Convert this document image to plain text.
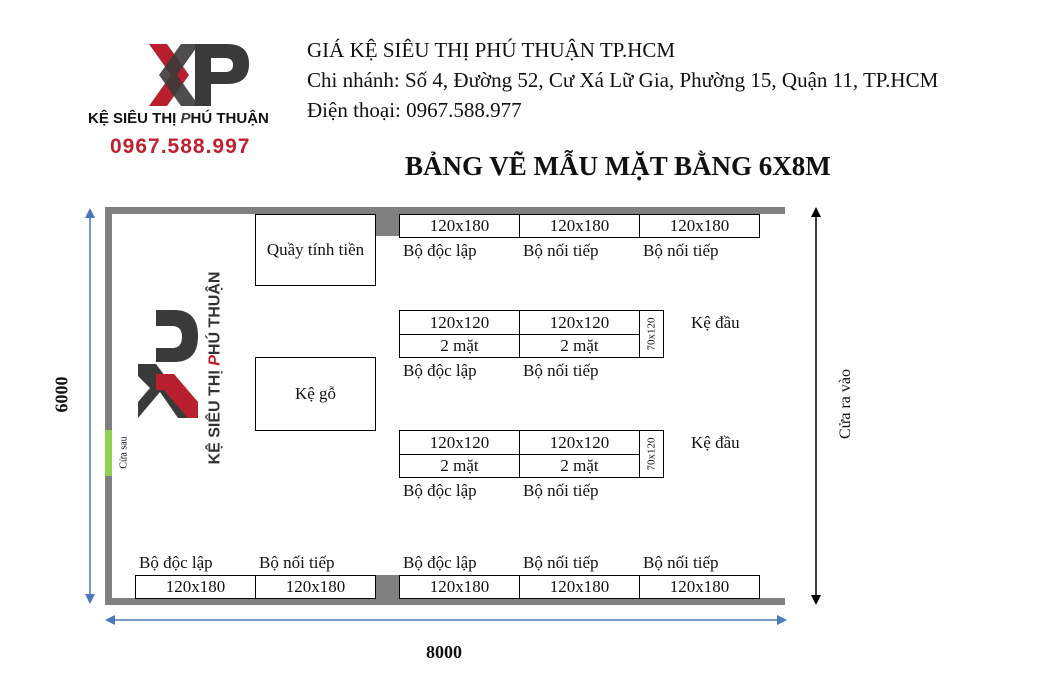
KỆ SIÊU THỊ PHÚ THUẬN
0967.588.997
GIÁ KỆ SIÊU THỊ PHÚ THUẬN TP.HCM
Chi nhánh: Số 4, Đường 52, Cư Xá Lữ Gia, Phường 15, Quận 11, TP.HCM
Điện thoại: 0967.588.977
BẢNG VẼ MẪU MẶT BẰNG 6X8M
Cửa sau	KỆ SIÊU THỊ PHÚ THUẬN
Quầy tính tiền
Kệ gỗ
120x180	120x180	120x180
Bộ độc lập	Bộ nối tiếp	Bộ nối tiếp
120x120	120x120
2 mặt	2 mặt	70x120 Kệ đầu
Bộ độc lập	Bộ nối tiếp
120x120	120x120
2 mặt	2 mặt	70x120 Kệ đầu
Bộ độc lập	Bộ nối tiếp
Bộ độc lập	Bộ nối tiếp
120x180	120x180
Bộ độc lập	Bộ nối tiếp	Bộ nối tiếp
120x180	120x180	120x180
6000
8000
Cửa ra vào
